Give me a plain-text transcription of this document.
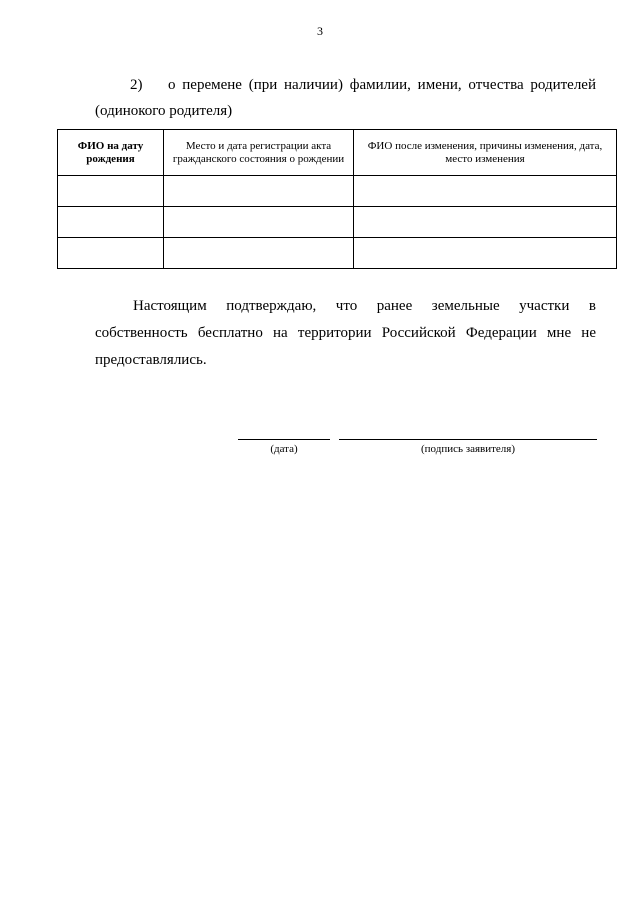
3
2) о перемене (при наличии) фамилии, имени, отчества родителей
(одинокого родителя)
ФИО на дату рождения	Место и дата регистрации акта гражданского состояния о рождении	ФИО после изменения, причины изменения, дата, место изменения

Настоящим подтверждаю, что ранее земельные участки в
собственность бесплатно на территории Российской Федерации мне не
предоставлялись.
(дата)	(подпись заявителя)
